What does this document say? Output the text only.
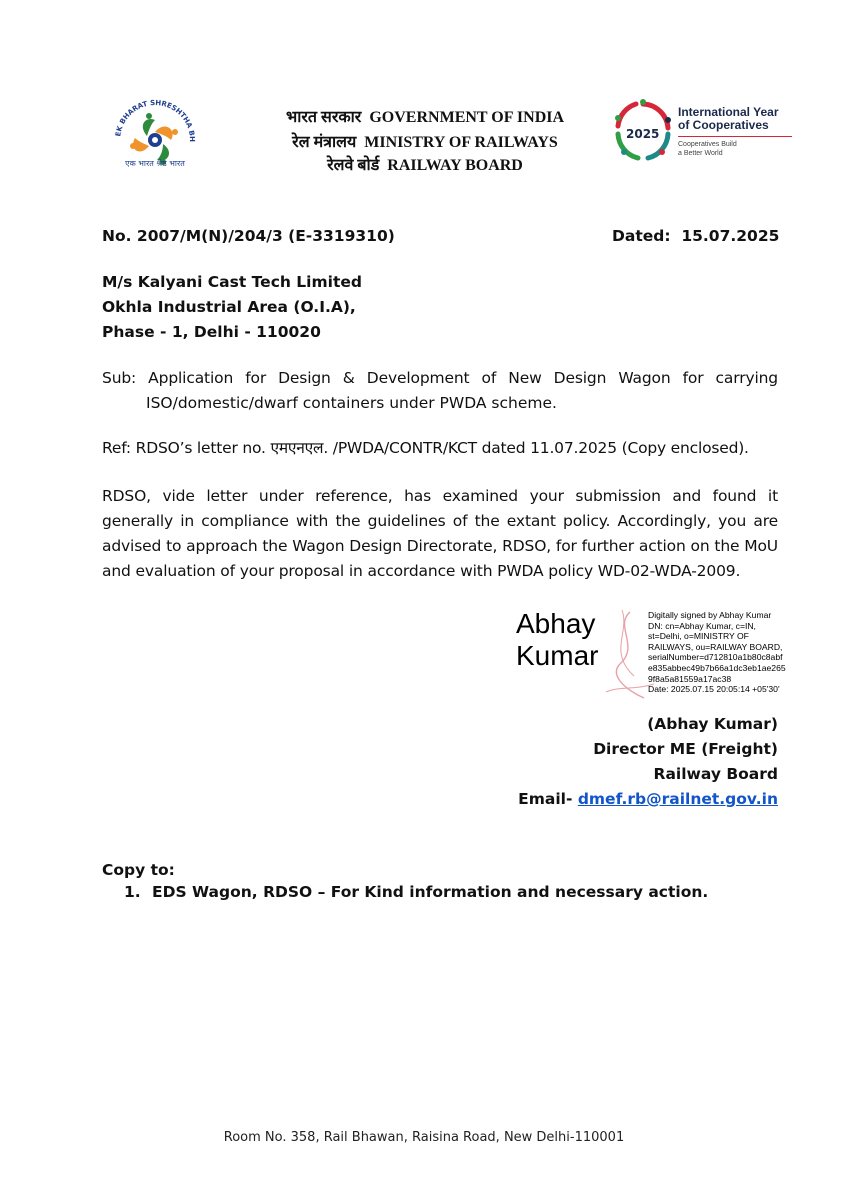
EK BHARAT SHRESHTHA BH
एक भारत श्रेष्ठ भारत
भारत सरकार GOVERNMENT OF INDIA
रेल मंत्रालय MINISTRY OF RAILWAYS
रेलवे बोर्ड RAILWAY BOARD
2025
International Year
of Cooperatives
Cooperatives Build
a Better World
No. 2007/M(N)/204/3 (E-3319310)	Dated: 15.07.2025
M/s Kalyani Cast Tech Limited
Okhla Industrial Area (O.I.A),
Phase - 1, Delhi - 110020
Sub: Application for Design & Development of New Design Wagon for carrying
ISO/domestic/dwarf containers under PWDA scheme.
Ref: RDSO’s letter no. एमएनएल. /PWDA/CONTR/KCT dated 11.07.2025 (Copy enclosed).
RDSO, vide letter under reference, has examined your submission and found it generally in compliance with the guidelines of the extant policy. Accordingly, you are advised to approach the Wagon Design Directorate, RDSO, for further action on the MoU and evaluation of your proposal in accordance with PWDA policy WD-02-WDA-2009.
Abhay
Kumar
Digitally signed by Abhay Kumar
DN: cn=Abhay Kumar, c=IN,
st=Delhi, o=MINISTRY OF
RAILWAYS, ou=RAILWAY BOARD,
serialNumber=d712810a1b80c8abf
e835abbec49b7b66a1dc3eb1ae265
9f8a5a81559a17ac38
Date: 2025.07.15 20:05:14 +05'30'
(Abhay Kumar)
Director ME (Freight)
Railway Board
Email- dmef.rb@railnet.gov.in
Copy to:
1. EDS Wagon, RDSO – For Kind information and necessary action.
Room No. 358, Rail Bhawan, Raisina Road, New Delhi-110001
